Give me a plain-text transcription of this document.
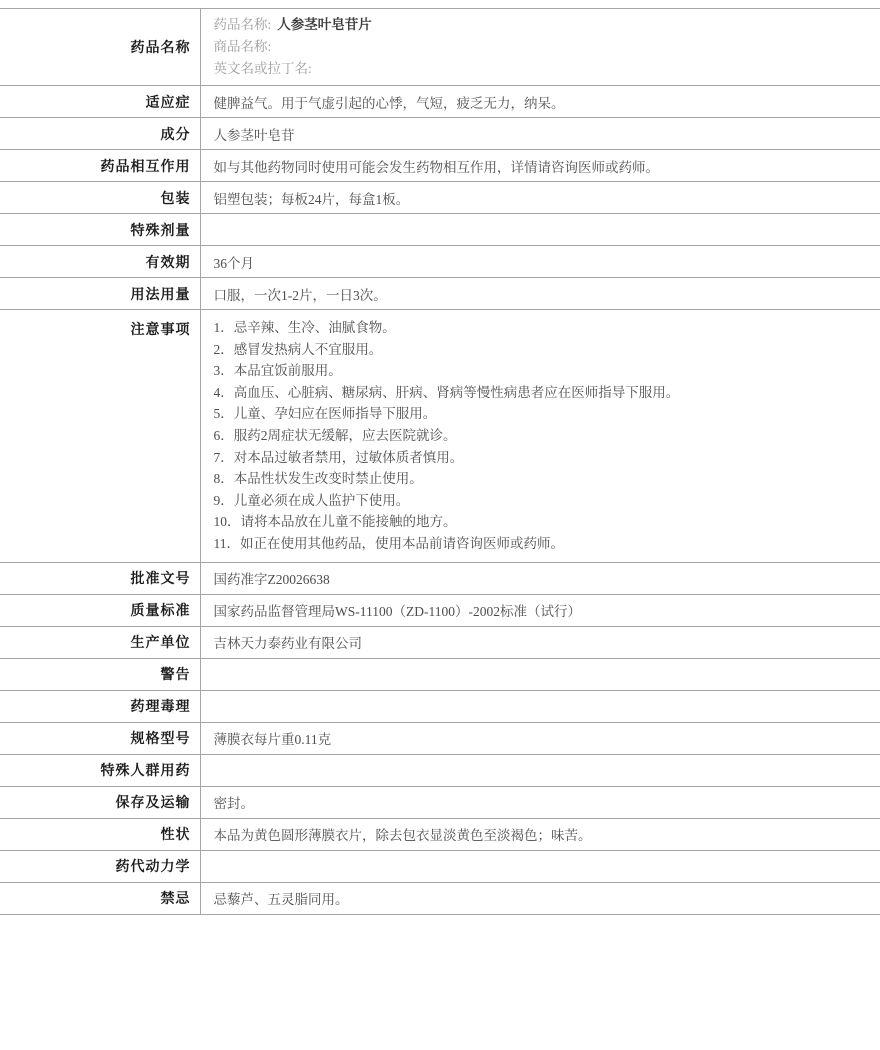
药品名称	药品名称: 人参茎叶皂苷片
商品名称:
英文名或拉丁名:

适应症	健脾益气。用于气虚引起的心悸，气短，疲乏无力，纳呆。
成分	人参茎叶皂苷
药品相互作用	如与其他药物同时使用可能会发生药物相互作用，详情请咨询医师或药师。
包装	铝塑包装；每板24片，每盒1板。
特殊剂量	
有效期	36个月
用法用量	口服，一次1-2片，一日3次。
注意事项	1．忌辛辣、生冷、油腻食物。
2．感冒发热病人不宜服用。
3．本品宜饭前服用。
4．高血压、心脏病、糖尿病、肝病、肾病等慢性病患者应在医师指导下服用。
5．儿童、孕妇应在医师指导下服用。
6．服药2周症状无缓解，应去医院就诊。
7．对本品过敏者禁用，过敏体质者慎用。
8．本品性状发生改变时禁止使用。
9．儿童必须在成人监护下使用。
10．请将本品放在儿童不能接触的地方。
11．如正在使用其他药品，使用本品前请咨询医师或药师。

批准文号	国药准字Z20026638
质量标准	国家药品监督管理局WS-11100（ZD-1100）-2002标准（试行）
生产单位	吉林天力泰药业有限公司
警告	
药理毒理	
规格型号	薄膜衣每片重0.11克
特殊人群用药	
保存及运输	密封。
性状	本品为黄色圆形薄膜衣片，除去包衣显淡黄色至淡褐色；味苦。
药代动力学	
禁忌	忌藜芦、五灵脂同用。
